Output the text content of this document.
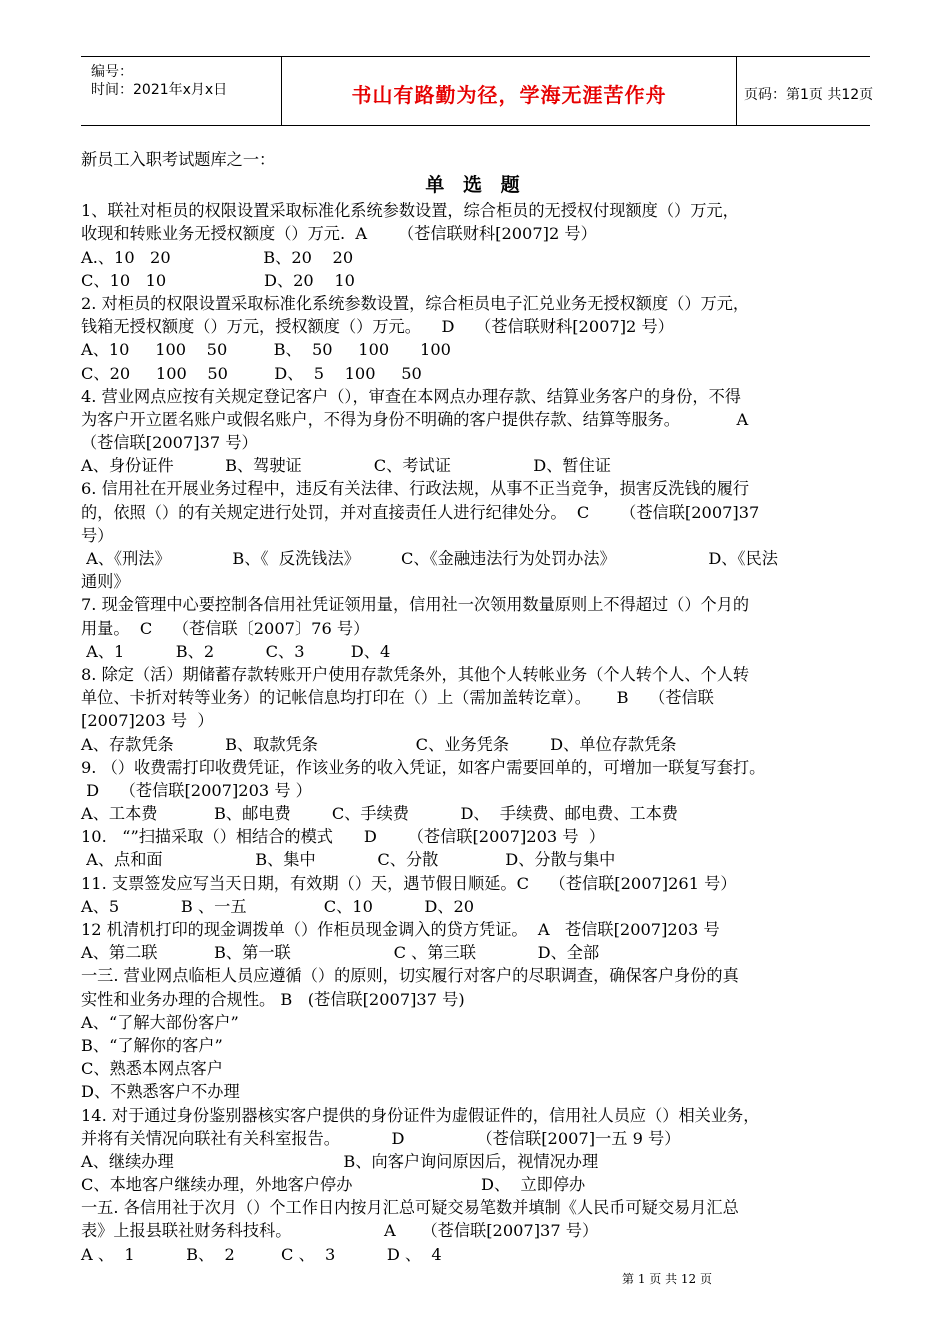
编号：
时间：2021年x月x日	书山有路勤为径，学海无涯苦作舟	页码：第1页 共12页
新员工入职考试题库之一：
单 选 题
1、联社对柜员的权限设置采取标准化系统参数设置，综合柜员的无授权付现额度（）万元，
收现和转账业务无授权额度（）万元.  A      （苍信联财科[2007]2 号）
A.、10   20                  B、20    20
C、10   10                   D、20    10
2. 对柜员的权限设置采取标准化系统参数设置，综合柜员电子汇兑业务无授权额度（）万元，
钱箱无授权额度（）万元，授权额度（）万元。    D    （苍信联财科[2007]2 号）
A、10     100    50         B、  50     100      100
C、20     100    50         D、  5    100     50
4. 营业网点应按有关规定登记客户（），审查在本网点办理存款、结算业务客户的身份，不得
为客户开立匿名账户或假名账户，不得为身份不明确的客户提供存款、结算等服务。           A
（苍信联[2007]37 号）
A、身份证件          B、驾驶证              C、考试证                D、暂住证
6. 信用社在开展业务过程中，违反有关法律、行政法规，从事不正当竞争，损害反洗钱的履行
的，依照（）的有关规定进行处罚，并对直接责任人进行纪律处分。  C      （苍信联[2007]37
号）
A、《刑法》            B、《  反洗钱法》        C、《金融违法行为处罚办法》                  D、《民法
通则》
7. 现金管理中心要控制各信用社凭证领用量，信用社一次领用数量原则上不得超过（）个月的
用量。  C    （苍信联〔2007〕76 号）
A、1          B、2          C、3         D、4
8. 除定（活）期储蓄存款转账开户使用存款凭条外，其他个人转帐业务（个人转个人、个人转
单位、卡折对转等业务）的记帐信息均打印在（）上（需加盖转讫章）。     B    （苍信联
[2007]203 号  ）
A、存款凭条          B、取款凭条                   C、业务凭条        D、单位存款凭条
9. （）收费需打印收费凭证，作该业务的收入凭证，如客户需要回单的，可增加一联复写套打。
D    （苍信联[2007]203 号 ）
A、工本费           B、邮电费        C、手续费          D、  手续费、邮电费、工本费
10.   “”扫描采取（）相结合的模式      D      （苍信联[2007]203 号  ）
A、点和面                  B、集中            C、分散             D、分散与集中
11. 支票签发应写当天日期，有效期（）天，遇节假日顺延。C    （苍信联[2007]261 号）
A、5            B 、一五               C、10          D、20
12 机清机打印的现金调拨单（）作柜员现金调入的贷方凭证。  A   苍信联[2007]203 号
A、第二联           B、第一联                    C 、第三联            D、全部
一三. 营业网点临柜人员应遵循（）的原则，切实履行对客户的尽职调查，确保客户身份的真
实性和业务办理的合规性。 B   (苍信联[2007]37 号)
A、“了解大部份客户”
B、“了解你的客户”
C、熟悉本网点客户
D、不熟悉客户不办理
14. 对于通过身份鉴别器核实客户提供的身份证件为虚假证件的，信用社人员应（）相关业务，
并将有关情况向联社有关科室报告。          D              （苍信联[2007]一五 9 号）
A、继续办理                                 B、向客户询问原因后，视情况办理
C、本地客户继续办理，外地客户停办                         D、  立即停办
一五. 各信用社于次月（）个工作日内按月汇总可疑交易笔数并填制《人民币可疑交易月汇总
表》上报县联社财务科技科。                  A     （苍信联[2007]37 号）
A 、  1          B、  2         C 、  3          D 、  4
第 1 页 共 12 页
